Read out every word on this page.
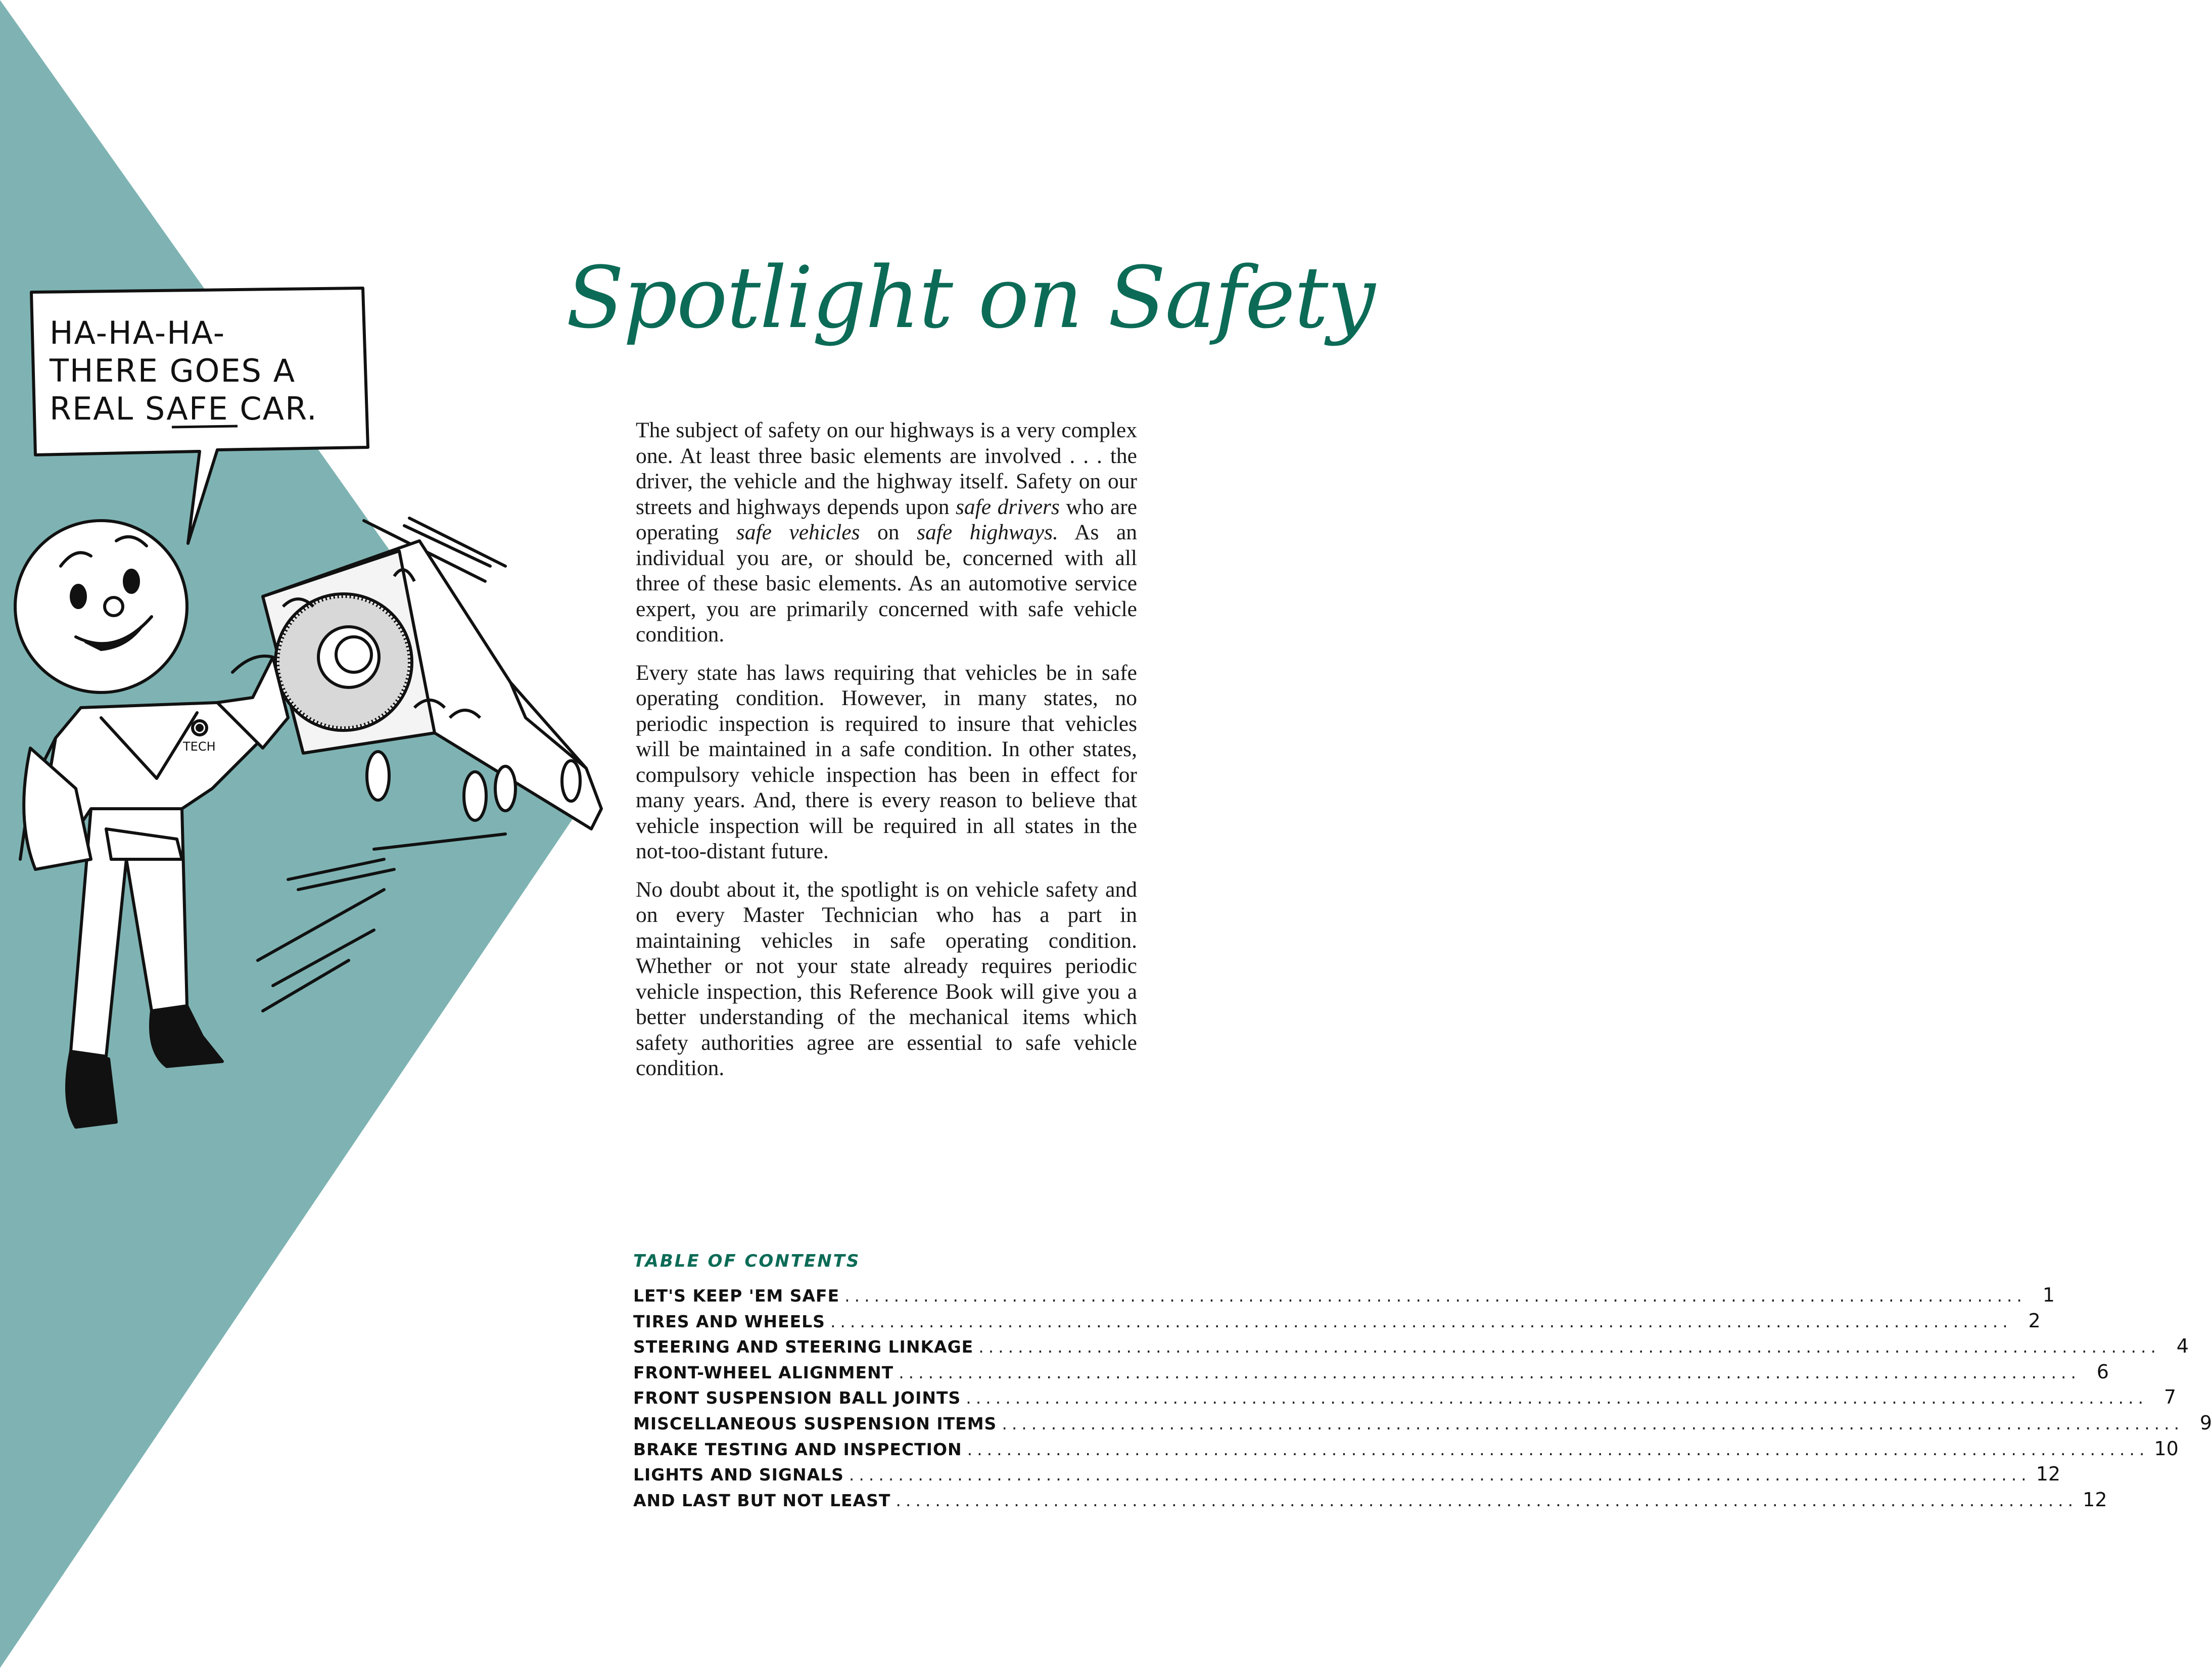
HA-HA-HA-
THERE GOES A
REAL SAFE CAR.
TECH
Spotlight on Safety

The subject of safety on our highways is a very complex one. At least three basic elements are involved . . . the driver, the vehicle and the highway itself. Safety on our streets and highways depends upon safe drivers who are operating safe vehicles on safe highways. As an individual you are, or should be, concerned with all three of these basic elements. As an automotive service expert, you are primarily concerned with safe vehicle condition.

Every state has laws requiring that vehicles be in safe operating condition. However, in many states, no periodic inspection is required to insure that vehicles will be maintained in a safe condition. In other states, compulsory vehicle inspection has been in effect for many years. And, there is every reason to believe that vehicle inspection will be required in all states in the not-too-distant future.

No doubt about it, the spotlight is on vehicle safety and on every Master Technician who has a part in maintaining vehicles in safe operating condition. Whether or not your state already requires periodic vehicle inspection, this Reference Book will give you a better understanding of the mechanical items which safety authorities agree are essential to safe vehicle condition.

TABLE OF CONTENTS
LET'S KEEP 'EM SAFE .....	1
TIRES AND WHEELS .....	2
STEERING AND STEERING LINKAGE .....	4
FRONT-WHEEL ALIGNMENT .....	6
FRONT SUSPENSION BALL JOINTS .....	7
MISCELLANEOUS SUSPENSION ITEMS .....	9
BRAKE TESTING AND INSPECTION .....	10
LIGHTS AND SIGNALS .....	12
AND LAST BUT NOT LEAST .....	12
